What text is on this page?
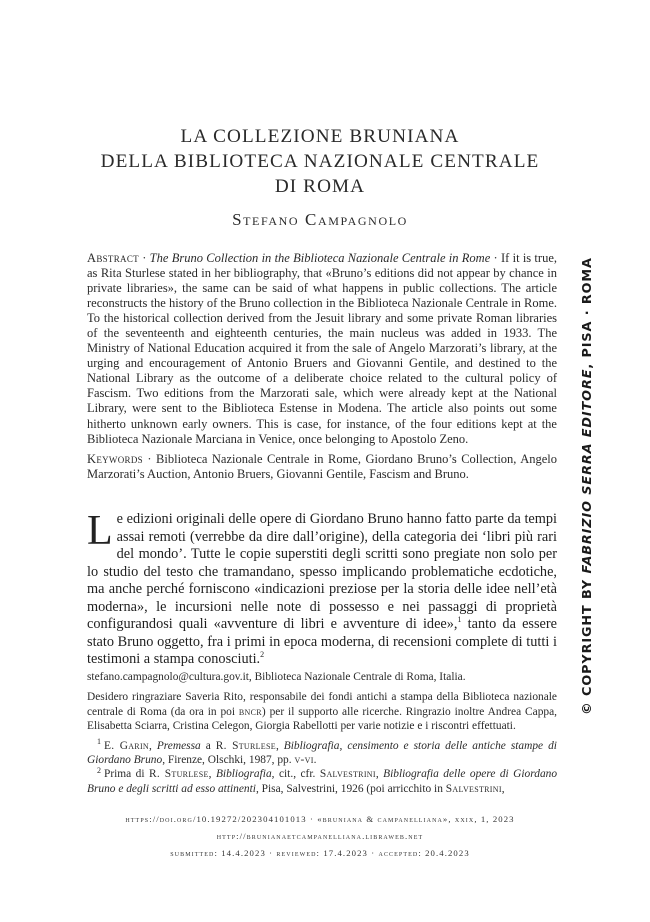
LA COLLEZIONE BRUNIANA
DELLA BIBLIOTECA NAZIONALE CENTRALE
DI ROMA
Stefano Campagnolo

Abstract · The Bruno Collection in the Biblioteca Nazionale Centrale in Rome · If it is true, as Rita Sturlese stated in her bibliography, that «Bruno’s editions did not appear by chance in private libraries», the same can be said of what happens in public collections. The article reconstructs the history of the Bruno collection in the Biblioteca Nazionale Centrale in Rome. To the historical collection derived from the Jesuit library and some private Roman libraries of the seventeenth and eighteenth centuries, the main nucleus was added in 1933. The Ministry of National Education acquired it from the sale of Angelo Marzorati’s library, at the urging and encouragement of Antonio Bruers and Giovanni Gentile, and destined to the National Library as the outcome of a deliberate choice related to the cultural policy of Fascism. Two editions from the Marzorati sale, which were already kept at the National Library, were sent to the Biblioteca Estense in Modena. The article also points out some hitherto unknown early owners. This is case, for instance, of the four editions kept at the Biblioteca Nazionale Marciana in Venice, once belonging to Apostolo Zeno.

Keywords · Biblioteca Nazionale Centrale in Rome, Giordano Bruno’s Collection, Angelo Marzorati’s Auction, Antonio Bruers, Giovanni Gentile, Fascism and Bruno.

Le edizioni originali delle opere di Giordano Bruno hanno fatto parte da tempi assai remoti (verrebbe da dire dall’origine), della categoria dei ‘libri più rari del mondo’. Tutte le copie superstiti degli scritti sono pregiate non solo per lo studio del testo che tramandano, spesso implicando problematiche ecdotiche, ma anche perché forniscono «indicazioni preziose per la storia delle idee nell’età moderna», le incursioni nelle note di possesso e nei passaggi di proprietà configurandosi quali «avventure di libri e avventure di idee»,$^1$ tanto da essere stato Bruno oggetto, fra i primi in epoca moderna, di recensioni complete di tutti i testimoni a stampa conosciuti.$^2$

stefano.campagnolo@cultura.gov.it, Biblioteca Nazionale Centrale di Roma, Italia.

Desidero ringraziare Saveria Rito, responsabile dei fondi antichi a stampa della Biblioteca nazionale centrale di Roma (da ora in poi bncr) per il supporto alle ricerche. Ringrazio inoltre Andrea Cappa, Elisabetta Sciarra, Cristina Celegon, Giorgia Rabellotti per varie notizie e i riscontri effettuati.

$^1$ E. Garin, Premessa a R. Sturlese, Bibliografia, censimento e storia delle antiche stampe di Giordano Bruno, Firenze, Olschki, 1987, pp. v-vi.

$^2$ Prima di R. Sturlese, Bibliografia, cit., cfr. Salvestrini, Bibliografia delle opere di Giordano Bruno e degli scritti ad esso attinenti, Pisa, Salvestrini, 1926 (poi arricchito in Salvestrini,

https://doi.org/10.19272/202304101013 · «bruniana & campanelliana», xxix, 1, 2023
http://brunianaetcampanelliana.libraweb.net
submitted: 14.4.2023 · reviewed: 17.4.2023 · accepted: 20.4.2023
© COPYRIGHT BY FABRIZIO SERRA EDITORE, PISA · ROMA
